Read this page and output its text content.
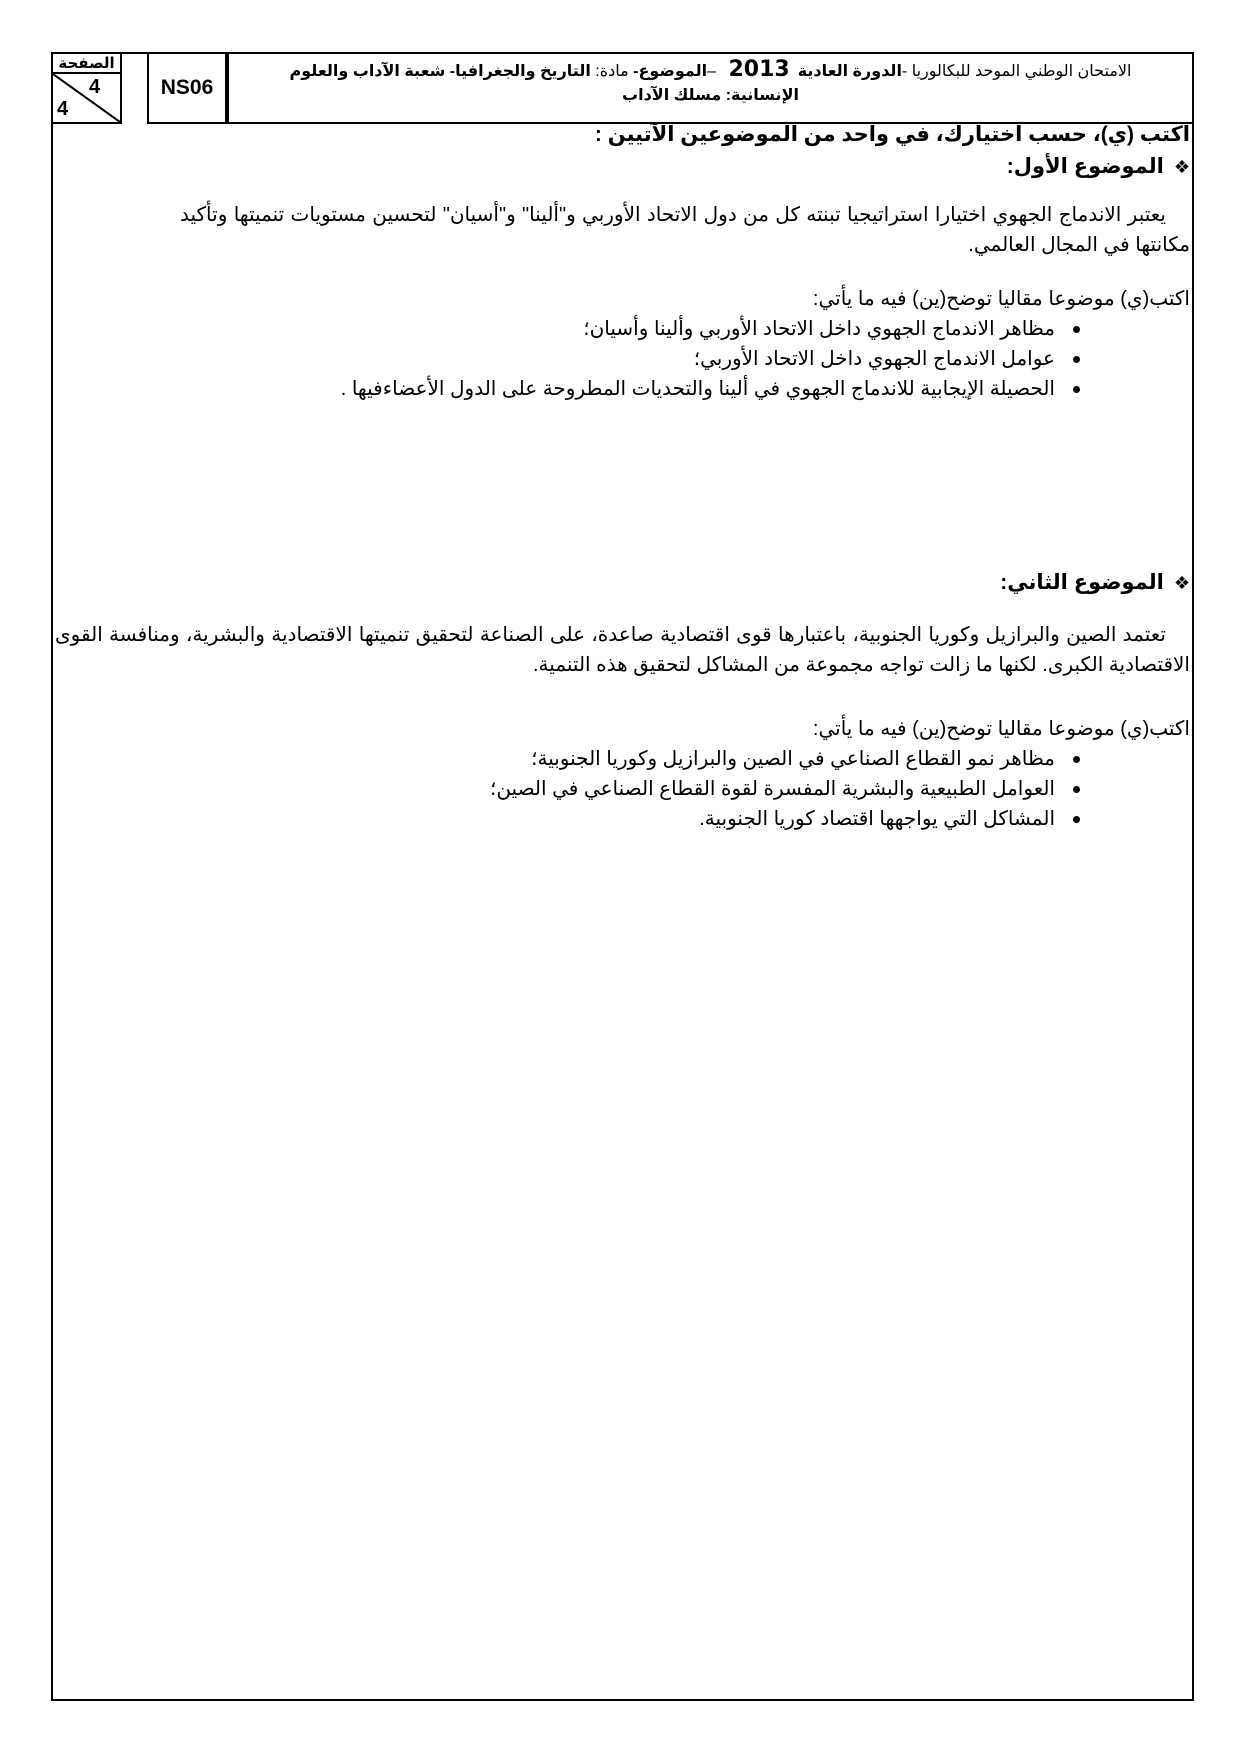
الصفحة
4
4
NS06
الامتحان الوطني الموحد للبكالوريا -الدورة العادية2013 –الموضوع- مادة: التاريخ والجغرافيا- شعبة الآداب والعلوم
الإنسانية: مسلك الآداب
اكتب (ي)، حسب اختيارك، في واحد من الموضوعين الآتيين :
❖الموضوع الأول:
يعتبر الاندماج الجهوي اختيارا استراتيجيا تبنته كل من دول الاتحاد الأوربي و"ألينا" و"أسيان" لتحسين مستويات تنميتها وتأكيد مكانتها في المجال العالمي.
اكتب(ي) موضوعا مقاليا توضح(ين) فيه ما يأتي:
مظاهر الاندماج الجهوي داخل الاتحاد الأوربي وألينا وأسيان؛
عوامل الاندماج الجهوي داخل الاتحاد الأوربي؛
الحصيلة الإيجابية للاندماج الجهوي في ألينا والتحديات المطروحة على الدول الأعضاءفيها .
❖الموضوع الثاني:
تعتمد الصين والبرازيل وكوريا الجنوبية، باعتبارها قوى اقتصادية صاعدة، على الصناعة لتحقيق تنميتها الاقتصادية والبشرية، ومنافسة القوى الاقتصادية الكبرى. لكنها ما زالت تواجه مجموعة من المشاكل لتحقيق هذه التنمية.
اكتب(ي) موضوعا مقاليا توضح(ين) فيه ما يأتي:
مظاهر نمو القطاع الصناعي في الصين والبرازيل وكوريا الجنوبية؛
العوامل الطبيعية والبشرية المفسرة لقوة القطاع الصناعي في الصين؛
المشاكل التي يواجهها اقتصاد كوريا الجنوبية.
